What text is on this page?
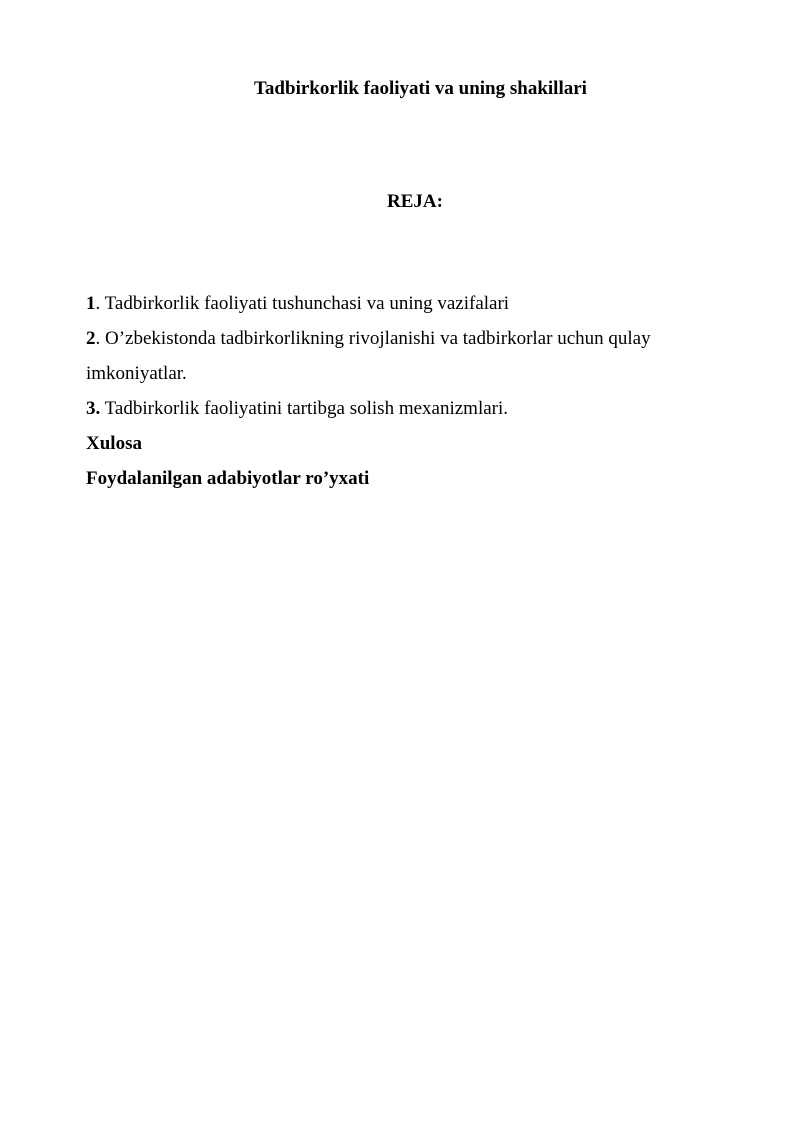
Tadbirkorlik faoliyati va uning shakillari
REJA:
1. Tadbirkorlik faoliyati tushunchasi va uning vazifalari
2. O’zbekistonda tadbirkorlikning rivojlanishi va tadbirkorlar uchun qulay
imkoniyatlar.
3. Tadbirkorlik faoliyatini tartibga solish mexanizmlari.
Xulosa
Foydalanilgan adabiyotlar ro’yxati
